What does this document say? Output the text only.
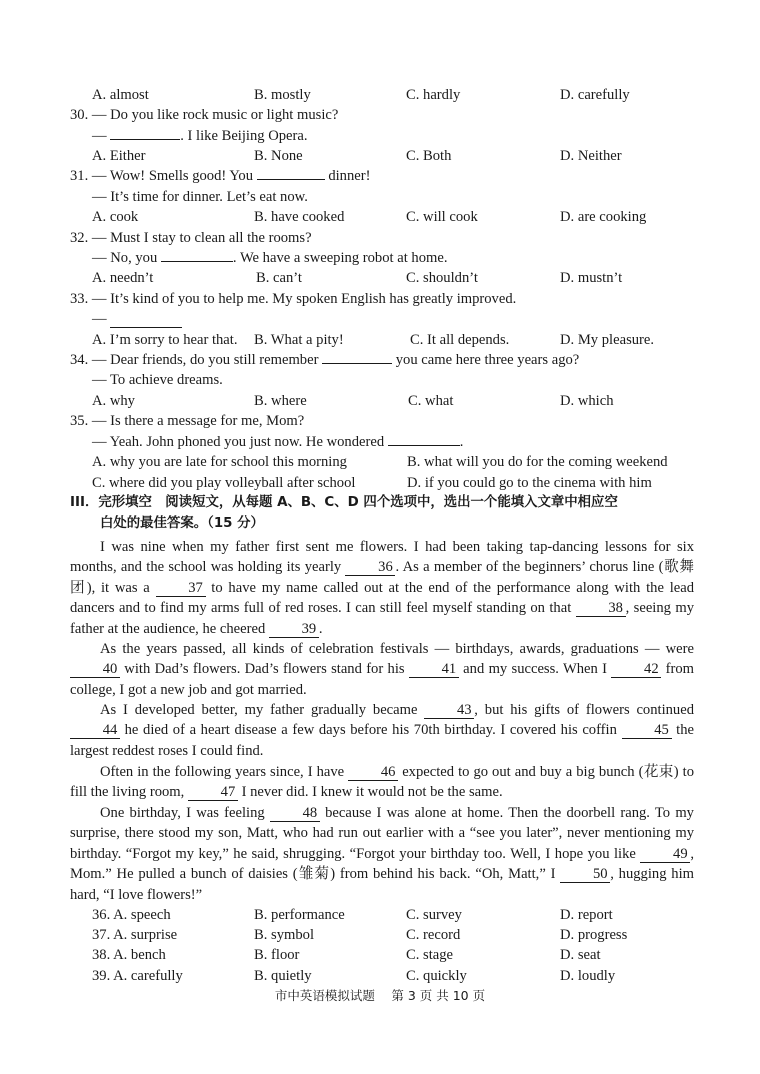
A. almost	B. mostly	C. hardly	D. carefully
30. — Do you like rock music or light music?
—	. I like Beijing Opera.
A. Either	B. None	C. Both	D. Neither
31. — Wow! Smells good! You	dinner!
— It’s time for dinner. Let’s eat now.
A. cook	B. have cooked	C. will cook	D. are cooking
32. — Must I stay to clean all the rooms?
— No, you	. We have a sweeping robot at home.
A. needn’t	B. can’t	C. shouldn’t	D. mustn’t
33. — It’s kind of you to help me. My spoken English has greatly improved.
—
A. I’m sorry to hear that. B. What a pity!	C. It all depends.	D. My pleasure.
34. — Dear friends, do you still remember	you came here three years ago?
— To achieve dreams.
A. why	B. where	C. what	D. which
35. — Is there a message for me, Mom?
— Yeah. John phoned you just now. He wondered	.
A. why you are late for school this morning	B. what will you do for the coming weekend
C. where did you play volleyball after school	D. if you could go to the cinema with him
III．完形填空　阅读短文，从每题 A、B、C、D 四个选项中，选出一个能填入文章中相应空
白处的最佳答案。（15 分）
I was nine when my father first sent me flowers. I had been taking tap-dancing lessons for six months, and the school was holding its yearly 36 . As a member of the beginners’ chorus line (歌舞团), it was a 37 to have my name called out at the end of the performance along with the lead dancers and to find my arms full of red roses. I can still feel myself standing on that 38 , seeing my father at the audience, he cheered 39 .
As the years passed, all kinds of celebration festivals — birthdays, awards, graduations — were 40 with Dad’s flowers. Dad’s flowers stand for his 41 and my success. When I 42 from college, I got a new job and got married.
As I developed better, my father gradually became 43 , but his gifts of flowers continued 44 he died of a heart disease a few days before his 70th birthday. I covered his coffin 45 the largest reddest roses I could find.
Often in the following years since, I have 46 expected to go out and buy a big bunch (花束) to fill the living room, 47 I never did. I knew it would not be the same.
One birthday, I was feeling 48 because I was alone at home. Then the doorbell rang. To my surprise, there stood my son, Matt, who had run out earlier with a “see you later”, never mentioning my birthday. “Forgot my key,” he said, shrugging. “Forgot your birthday too. Well, I hope you like 49 , Mom.” He pulled a bunch of daisies (雏菊) from behind his back. “Oh, Matt,” I 50 , hugging him hard, “I love flowers!”
36. A. speech	B. performance	C. survey	D. report
37. A. surprise	B. symbol	C. record	D. progress
38. A. bench	B. floor	C. stage	D. seat
39. A. carefully	B. quietly	C. quickly	D. loudly
市中英语模拟试题　 第 3 页 共 10 页
